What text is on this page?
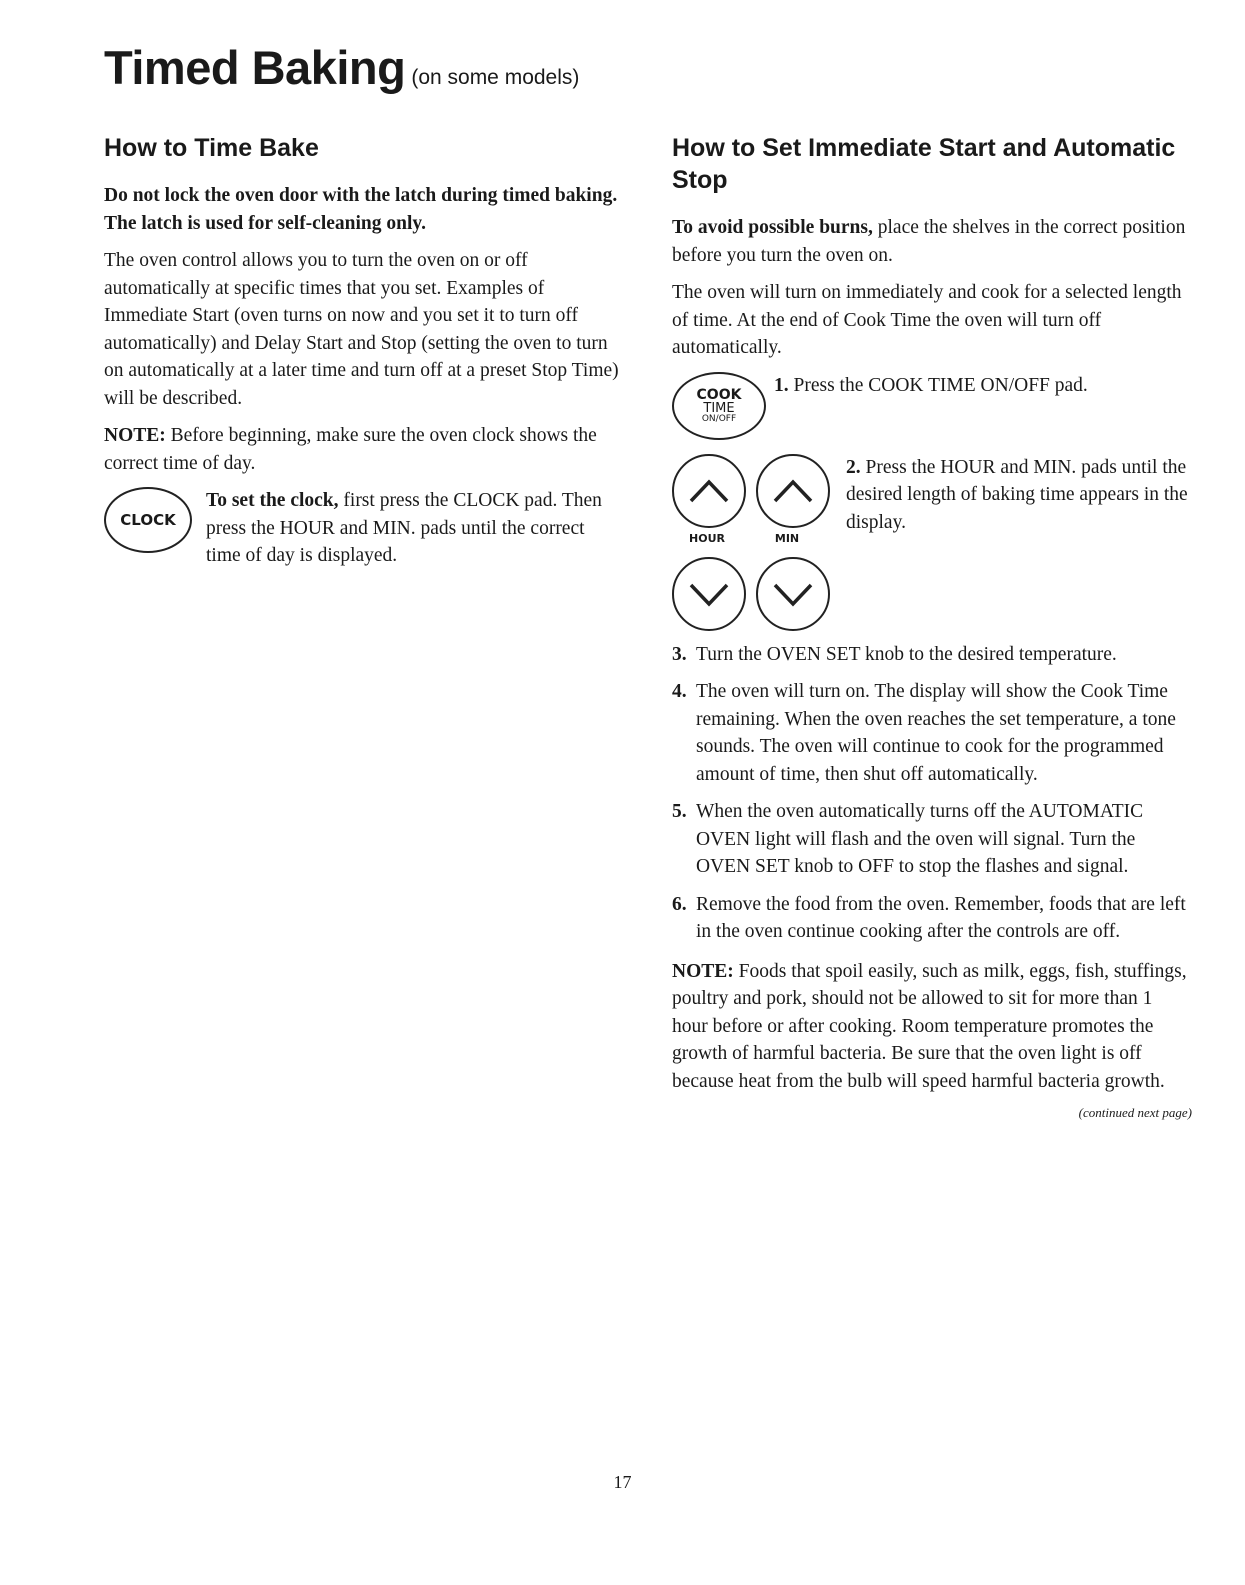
Timed Baking (on some models)
How to Time Bake

Do not lock the oven door with the latch during timed baking. The latch is used for self-cleaning only.

The oven control allows you to turn the oven on or off automatically at specific times that you set. Examples of Immediate Start (oven turns on now and you set it to turn off automatically) and Delay Start and Stop (setting the oven to turn on automatically at a later time and turn off at a preset Stop Time) will be described.

NOTE: Before beginning, make sure the oven clock shows the correct time of day.

CLOCK
To set the clock, first press the CLOCK pad. Then press the HOUR and MIN. pads until the correct time of day is displayed.
How to Set Immediate Start and Automatic Stop

To avoid possible burns, place the shelves in the correct position before you turn the oven on.

The oven will turn on immediately and cook for a selected length of time. At the end of Cook Time the oven will turn off automatically.

COOK
TIME
ON/OFF
1. Press the COOK TIME ON/OFF pad.
HOUR	MIN
2. Press the HOUR and MIN. pads until the desired length of baking time appears in the display.
3. Turn the OVEN SET knob to the desired temperature.
4. The oven will turn on. The display will show the Cook Time remaining. When the oven reaches the set temperature, a tone sounds. The oven will continue to cook for the programmed amount of time, then shut off automatically.
5. When the oven automatically turns off the AUTOMATIC OVEN light will flash and the oven will signal. Turn the OVEN SET knob to OFF to stop the flashes and signal.
6. Remove the food from the oven. Remember, foods that are left in the oven continue cooking after the controls are off.

NOTE: Foods that spoil easily, such as milk, eggs, fish, stuffings, poultry and pork, should not be allowed to sit for more than 1 hour before or after cooking. Room temperature promotes the growth of harmful bacteria. Be sure that the oven light is off because heat from the bulb will speed harmful bacteria growth.

(continued next page)
17
